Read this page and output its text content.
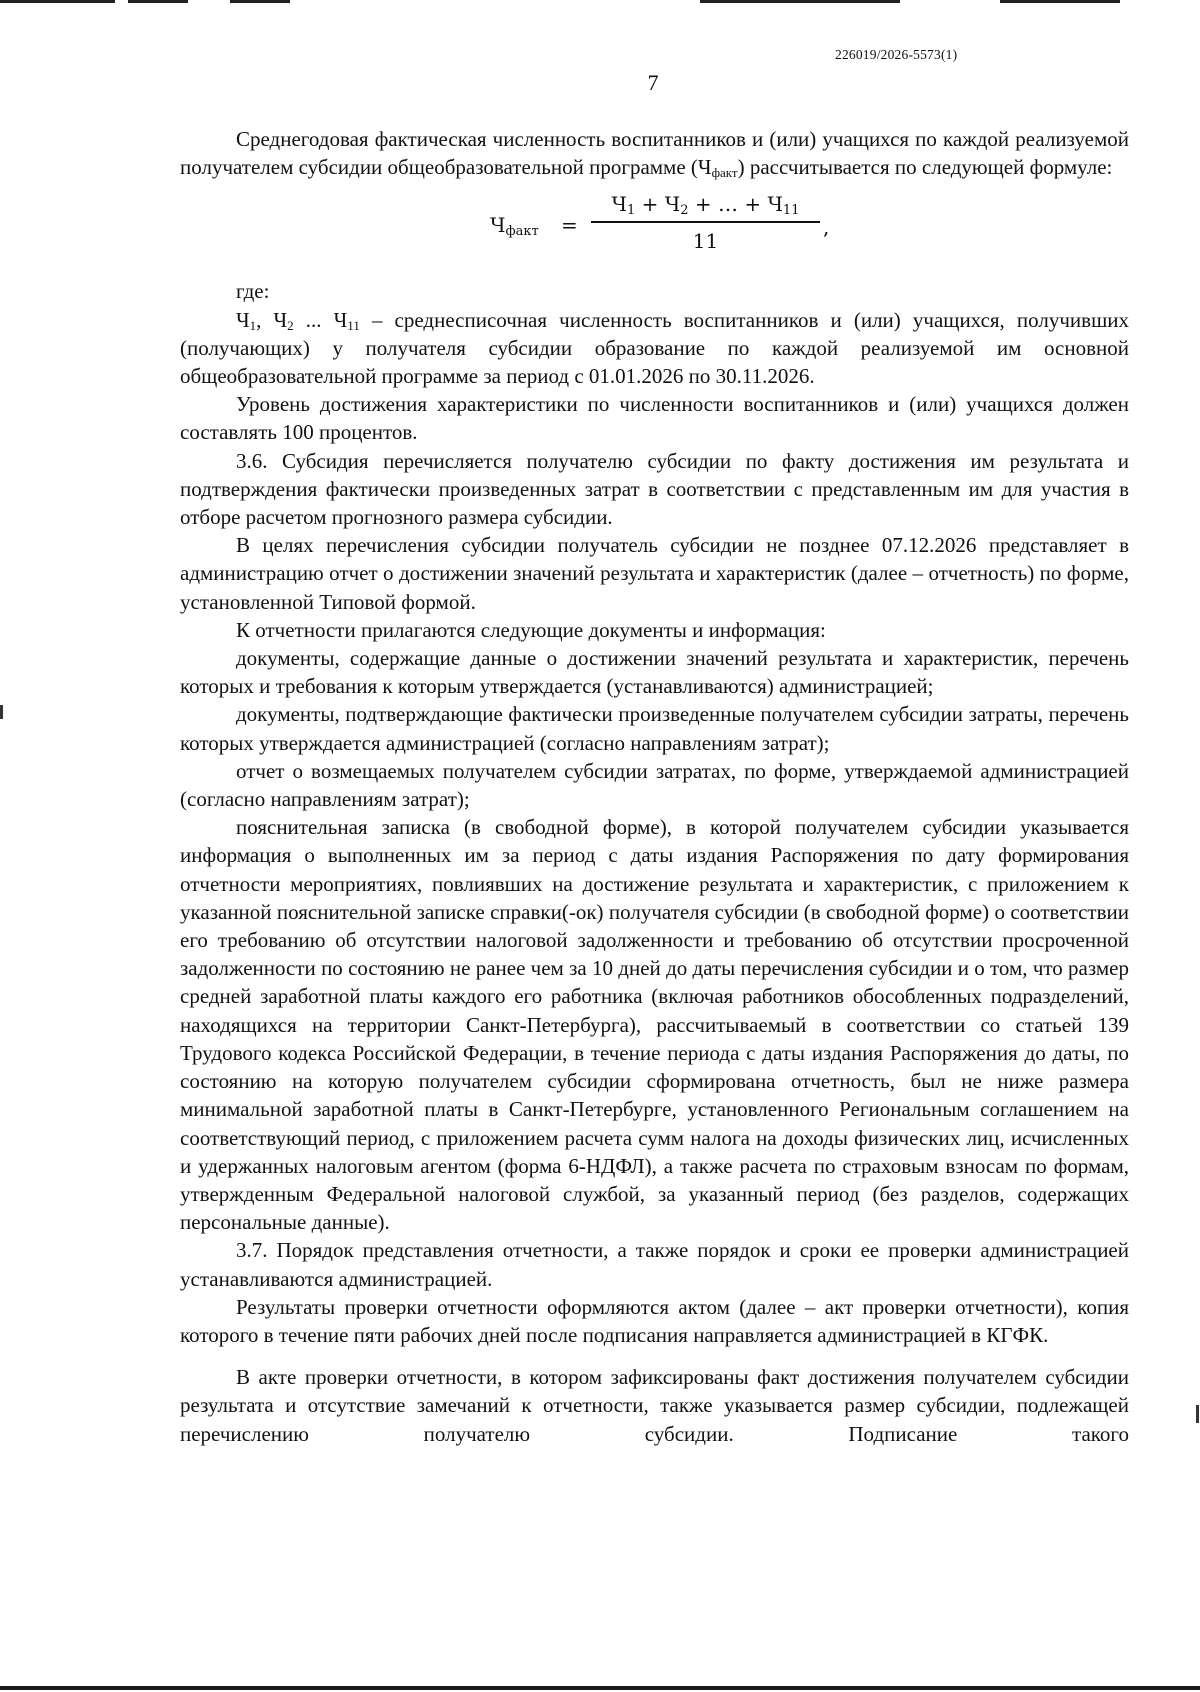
226019/2026-5573(1)
7

Среднегодовая фактическая численность воспитанников и (или) учащихся по каждой реализуемой получателем субсидии общеобразовательной программе $(Ч_{факт})$ рассчитывается по следующей формуле:

$Ч_{факт}$ =
$Ч_1 + Ч_2$ + … + $Ч_{11}$
11
,

где:

$Ч_1$, $Ч_2$ ... $Ч_{11}$ – среднесписочная численность воспитанников и (или) учащихся, получивших (получающих) у получателя субсидии образование по каждой реализуемой им основной общеобразовательной программе за период с 01.01.2026 по 30.11.2026.

Уровень достижения характеристики по численности воспитанников и (или) учащихся должен составлять 100 процентов.

3.6. Субсидия перечисляется получателю субсидии по факту достижения им результата и подтверждения фактически произведенных затрат в соответствии с представленным им для участия в отборе расчетом прогнозного размера субсидии.

В целях перечисления субсидии получатель субсидии не позднее 07.12.2026 представляет в администрацию отчет о достижении значений результата и характеристик (далее – отчетность) по форме, установленной Типовой формой.

К отчетности прилагаются следующие документы и информация:

документы, содержащие данные о достижении значений результата и характеристик, перечень которых и требования к которым утверждается (устанавливаются) администрацией;

документы, подтверждающие фактически произведенные получателем субсидии затраты, перечень которых утверждается администрацией (согласно направлениям затрат);

отчет о возмещаемых получателем субсидии затратах, по форме, утверждаемой администрацией (согласно направлениям затрат);

пояснительная записка (в свободной форме), в которой получателем субсидии указывается информация о выполненных им за период с даты издания Распоряжения по дату формирования отчетности мероприятиях, повлиявших на достижение результата и характеристик, с приложением к указанной пояснительной записке справки(-ок) получателя субсидии (в свободной форме) о соответствии его требованию об отсутствии налоговой задолженности и требованию об отсутствии просроченной задолженности по состоянию не ранее чем за 10 дней до даты перечисления субсидии и о том, что размер средней заработной платы каждого его работника (включая работников обособленных подразделений, находящихся на территории Санкт-Петербурга), рассчитываемый в соответствии со статьей 139 Трудового кодекса Российской Федерации, в течение периода с даты издания Распоряжения до даты, по состоянию на которую получателем субсидии сформирована отчетность, был не ниже размера минимальной заработной платы в Санкт-Петербурге, установленного Региональным соглашением на соответствующий период, с приложением расчета сумм налога на доходы физических лиц, исчисленных и удержанных налоговым агентом (форма 6-НДФЛ), а также расчета по страховым взносам по формам, утвержденным Федеральной налоговой службой, за указанный период (без разделов, содержащих персональные данные).

3.7. Порядок представления отчетности, а также порядок и сроки ее проверки администрацией устанавливаются администрацией.

Результаты проверки отчетности оформляются актом (далее – акт проверки отчетности), копия которого в течение пяти рабочих дней после подписания направляется администрацией в КГФК.

В акте проверки отчетности, в котором зафиксированы факт достижения получателем субсидии результата и отсутствие замечаний к отчетности, также указывается размер субсидии, подлежащей перечислению получателю субсидии. Подписание такого
